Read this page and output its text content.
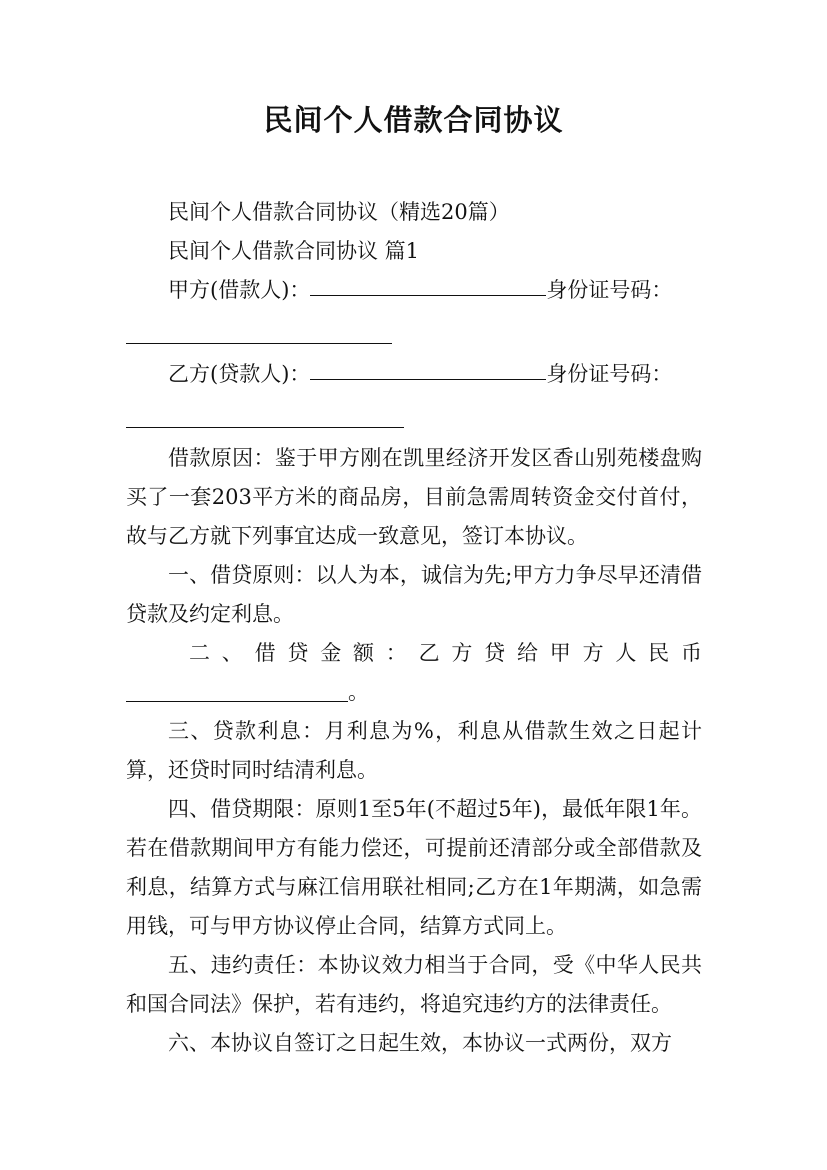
民间个人借款合同协议

民间个人借款合同协议（精选20篇）

民间个人借款合同协议 篇1

甲方(借款人)：	身份证号码：
乙方(贷款人)：	身份证号码：

借款原因：鉴于甲方刚在凯里经济开发区香山别苑楼盘购买了一套203平方米的商品房，目前急需周转资金交付首付，故与乙方就下列事宜达成一致意见，签订本协议。

一、借贷原则：以人为本，诚信为先;甲方力争尽早还清借贷款及约定利息。

二 、 借 贷 金 额 ： 乙 方 贷 给 甲 方 人 民 币
。

三、贷款利息：月利息为%，利息从借款生效之日起计算，还贷时同时结清利息。

四、借贷期限：原则1至5年(不超过5年)，最低年限1年。若在借款期间甲方有能力偿还，可提前还清部分或全部借款及利息，结算方式与麻江信用联社相同;乙方在1年期满，如急需用钱，可与甲方协议停止合同，结算方式同上。

五、违约责任：本协议效力相当于合同，受《中华人民共和国合同法》保护，若有违约，将追究违约方的法律责任。

六、本协议自签订之日起生效，本协议一式两份，双方
